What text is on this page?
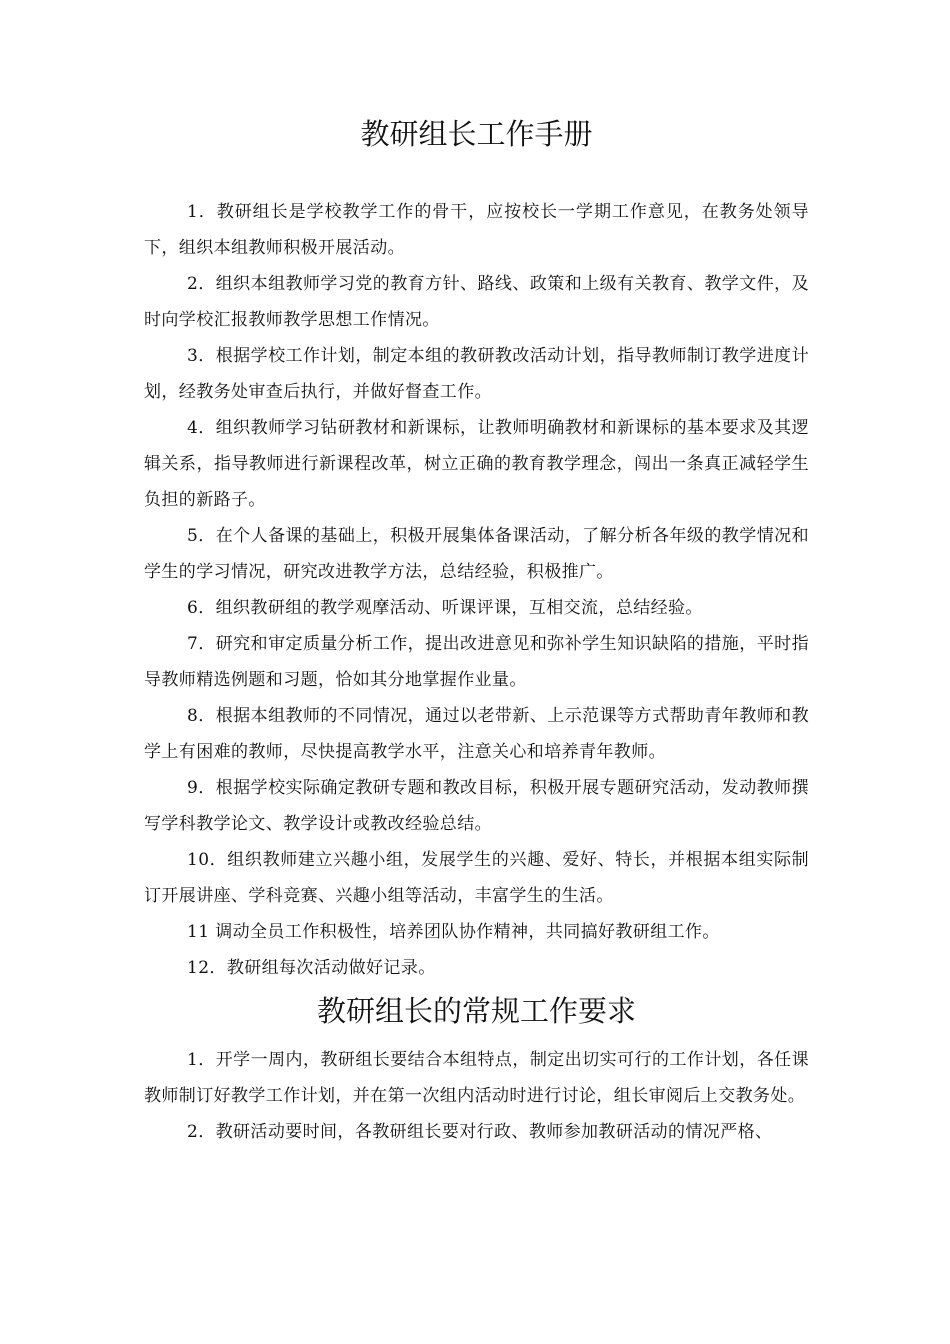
教研组长工作手册

1．教研组长是学校教学工作的骨干，应按校长一学期工作意见，在教务处领导下，组织本组教师积极开展活动。

2．组织本组教师学习党的教育方针、路线、政策和上级有关教育、教学文件，及时向学校汇报教师教学思想工作情况。

3．根据学校工作计划，制定本组的教研教改活动计划，指导教师制订教学进度计划，经教务处审查后执行，并做好督查工作。

4．组织教师学习钻研教材和新课标，让教师明确教材和新课标的基本要求及其逻辑关系，指导教师进行新课程改革，树立正确的教育教学理念，闯出一条真正减轻学生负担的新路子。

5．在个人备课的基础上，积极开展集体备课活动，了解分析各年级的教学情况和学生的学习情况，研究改进教学方法，总结经验，积极推广。

6．组织教研组的教学观摩活动、听课评课，互相交流，总结经验。

7．研究和审定质量分析工作，提出改进意见和弥补学生知识缺陷的措施，平时指导教师精选例题和习题，恰如其分地掌握作业量。

8．根据本组教师的不同情况，通过以老带新、上示范课等方式帮助青年教师和教学上有困难的教师，尽快提高教学水平，注意关心和培养青年教师。

9．根据学校实际确定教研专题和教改目标，积极开展专题研究活动，发动教师撰写学科教学论文、教学设计或教改经验总结。

10．组织教师建立兴趣小组，发展学生的兴趣、爱好、特长，并根据本组实际制订开展讲座、学科竞赛、兴趣小组等活动，丰富学生的生活。

11 调动全员工作积极性，培养团队协作精神，共同搞好教研组工作。

12．教研组每次活动做好记录。

教研组长的常规工作要求

1．开学一周内，教研组长要结合本组特点，制定出切实可行的工作计划，各任课教师制订好教学工作计划，并在第一次组内活动时进行讨论，组长审阅后上交教务处。

2．教研活动要时间，各教研组长要对行政、教师参加教研活动的情况严格、
